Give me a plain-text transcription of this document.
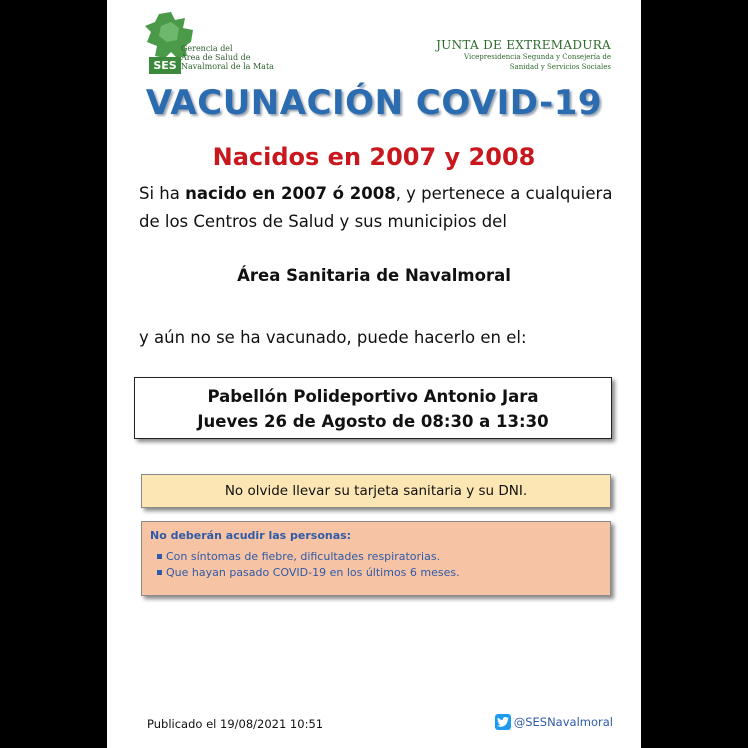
SES
Gerencia del
Área de Salud de
Navalmoral de la Mata
JUNTA DE EXTREMADURA
Vicepresidencia Segunda y Consejería de
Sanidad y Servicios Sociales
VACUNACIÓN COVID-19
Nacidos en 2007 y 2008
Si ha nacido en 2007 ó 2008, y pertenece a cualquiera
de los Centros de Salud y sus municipios del
Área Sanitaria de Navalmoral
y aún no se ha vacunado, puede hacerlo en el:
Pabellón Polideportivo Antonio Jara
Jueves 26 de Agosto de 08:30 a 13:30
No olvide llevar su tarjeta sanitaria y su DNI.
No deberán acudir las personas:
Con síntomas de fiebre, dificultades respiratorias.
Que hayan pasado COVID-19 en los últimos 6 meses.
Publicado el 19/08/2021 10:51	@SESNavalmoral
